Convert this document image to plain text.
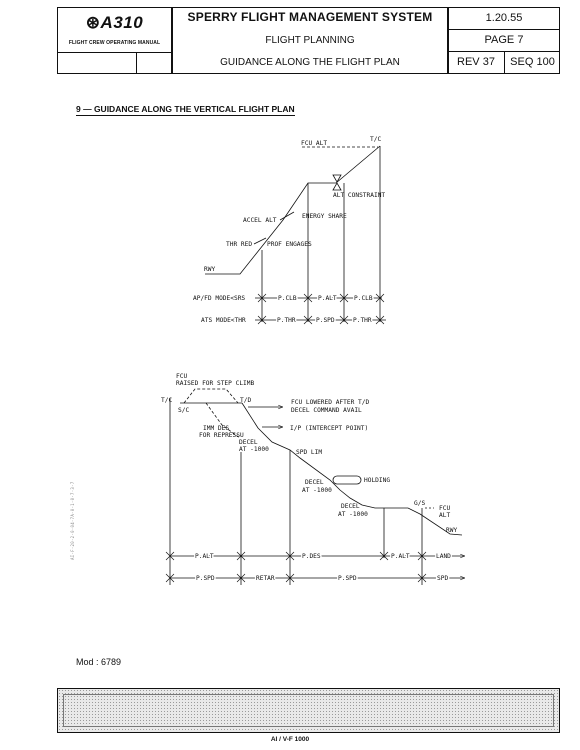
⊛A310
FLIGHT CREW OPERATING MANUAL
SPERRY FLIGHT MANAGEMENT SYSTEM
FLIGHT PLANNING
GUIDANCE ALONG THE FLIGHT PLAN
1.20.55
PAGE 7
REV 37	SEQ 100
9 — GUIDANCE ALONG THE VERTICAL FLIGHT PLAN
FCU ALT
T/C
ALT CONSTRAINT
ACCEL ALT
ENERGY SHARE
THR RED PROF ENGAGES
RWY
AP/FD MODE<SRS	P.CLB	P.ALT	P.CLB
ATS MODE<THR	P.THR	P.SPD	P.THR
FCU
RAISED FOR STEP CLIMB
T/C
S/C
T/D	FCU LOWERED AFTER T/D
DECEL COMMAND AVAIL
IMM DES
FOR REPRESSU
DECEL
AT -1000
I/P (INTERCEPT POINT)
SPD LIM
DECEL
AT -1000
HOLDING
DECEL
AT -1000
G/S
FCU
ALT
RWY
P.ALT	P.DES	P.ALT	LAND
P.SPD	RETAR	P.SPD	SPD
AI-F-20-2-0-04-7A-0-1-0-7-3-7
Mod : 6789
AI / V-F 1000
